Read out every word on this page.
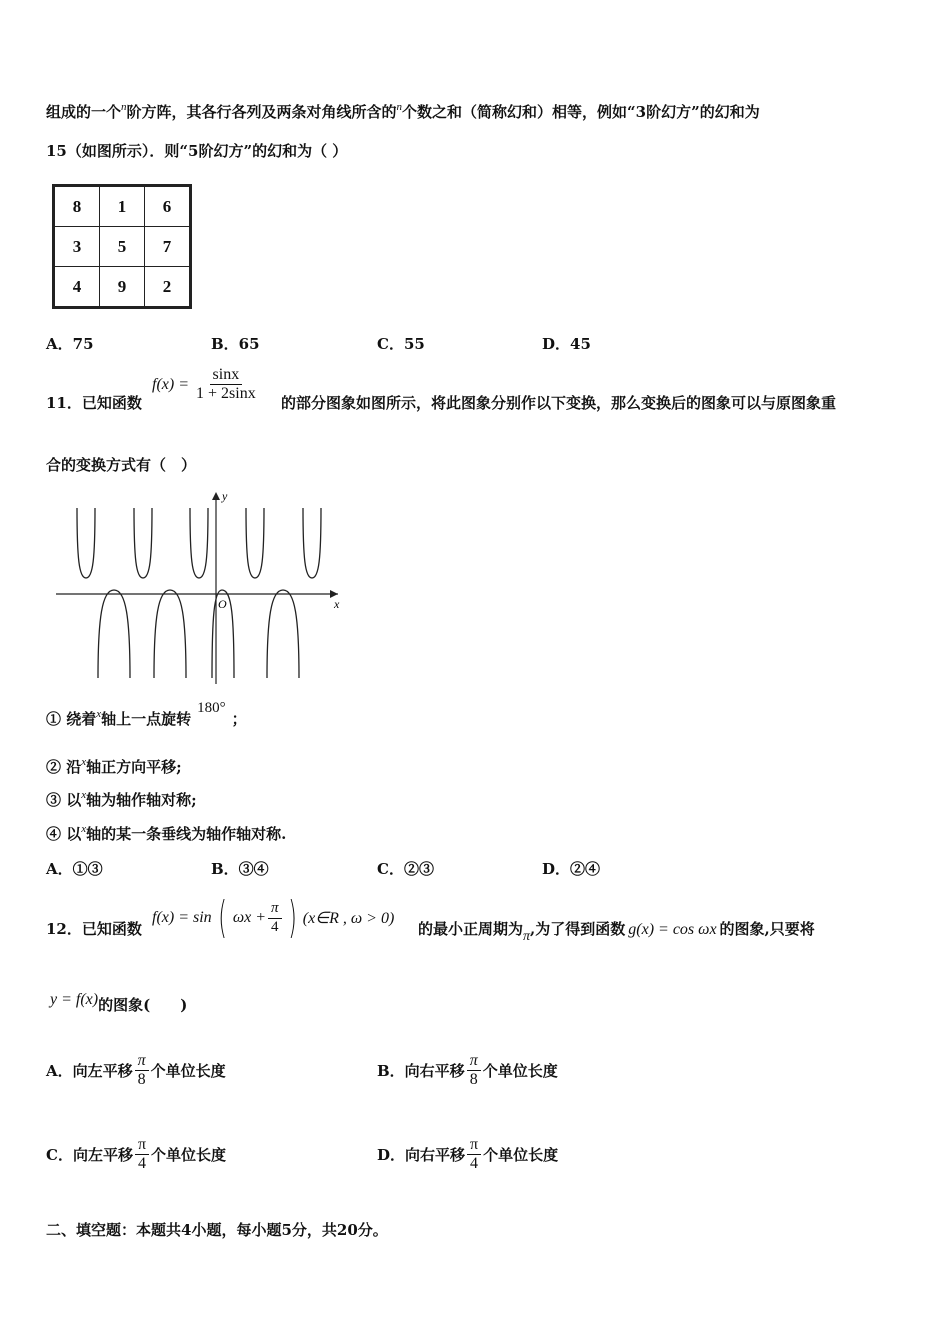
组成的一个$^n$阶方阵，其各行各列及两条对角线所含的$^n$个数之和（简称幻和）相等，例如“3阶幻方”的幻和为
15（如图所示）．则“5阶幻方”的幻和为（ ）
8	1	6
3	5	7
4	9	2
A．75	B．65	C．55	D．45
11．已知函数
$f(x) = \frac{\sin x}{1 + 2\sin x}$ 的部分图象如图所示，将此图象分别作以下变换，那么变换后的图象可以与原图象重
合的变换方式有（　）
x
y
O
① 绕着$^x$轴上一点旋转180°；
② 沿$^x$轴正方向平移;
③ 以$^x$轴为轴作轴对称;
④ 以$^x$轴的某一条垂线为轴作轴对称.
A．①③	B．③④	C．②③	D．②④
12．已知函数
f(x) = sin ( $\omega x + \frac{\pi}{4}$ ) (x∈R , ω > 0)
的最小正周期为π,为了得到函数 g(x) = cos ωx 的图象,只要将
y = f(x)的图象(　　)
A．向左平移 $\frac{\pi}{8}$ 个单位长度	B．向右平移 $\frac{\pi}{8}$ 个单位长度
C．向左平移 $\frac{\pi}{4}$ 个单位长度	D．向右平移 $\frac{\pi}{4}$ 个单位长度
二、填空题：本题共4小题，每小题5分，共20分。
